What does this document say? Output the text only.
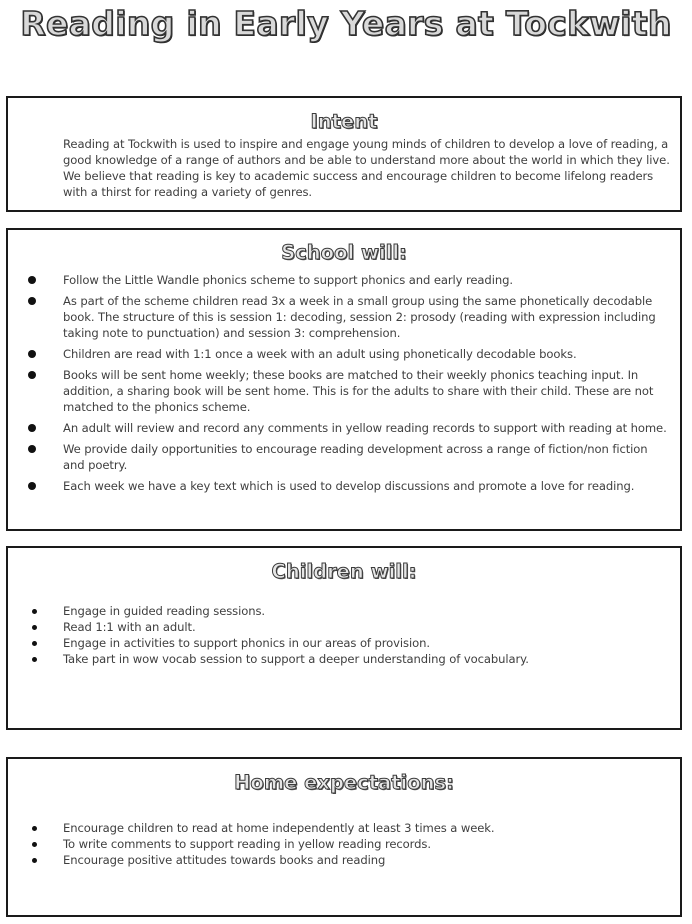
Reading in Early Years at Tockwith
Intent
Reading at Tockwith is used to inspire and engage young minds of children to develop a love of reading, a good knowledge of a range of authors and be able to understand more about the world in which they live. We believe that reading is key to academic success and encourage children to become lifelong readers with a thirst for reading a variety of genres.
School will:
Follow the Little Wandle phonics scheme to support phonics and early reading.
As part of the scheme children read 3x a week in a small group using the same phonetically decodable book. The structure of this is session 1: decoding, session 2: prosody (reading with expression including taking note to punctuation) and session 3: comprehension.
Children are read with 1:1 once a week with an adult using phonetically decodable books.
Books will be sent home weekly; these books are matched to their weekly phonics teaching input. In addition, a sharing book will be sent home. This is for the adults to share with their child. These are not matched to the phonics scheme.
An adult will review and record any comments in yellow reading records to support with reading at home.
We provide daily opportunities to encourage reading development across a range of fiction/non fiction and poetry.
Each week we have a key text which is used to develop discussions and promote a love for reading.
Children will:
Engage in guided reading sessions.
Read 1:1 with an adult.
Engage in activities to support phonics in our areas of provision.
Take part in wow vocab session to support a deeper understanding of vocabulary.
Home expectations:
Encourage children to read at home independently at least 3 times a week.
To write comments to support reading in yellow reading records.
Encourage positive attitudes towards books and reading
